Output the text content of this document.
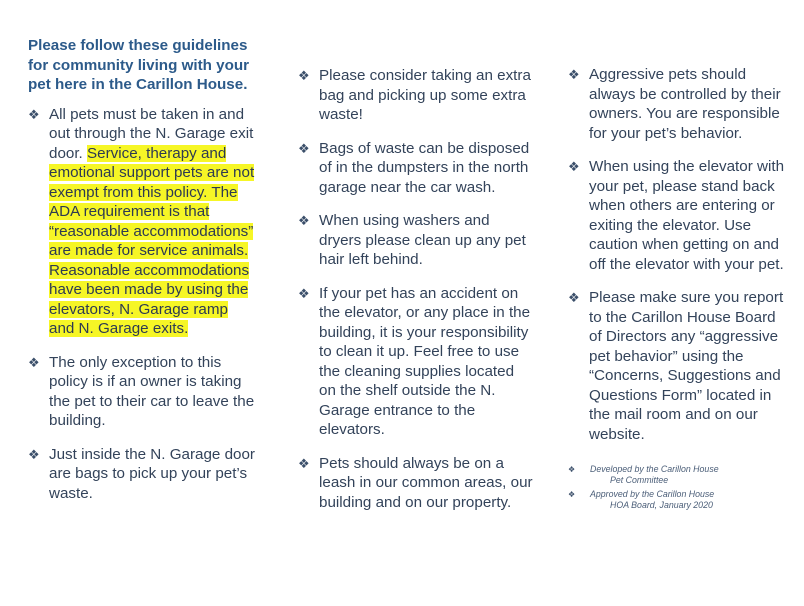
Please follow these guidelines for community living with your pet here in the Carillon House.
❖ All pets must be taken in and out through the N. Garage exit door. Service, therapy and emotional support pets are not exempt from this policy. The ADA requirement is that “reasonable accommodations” are made for service animals. Reasonable accommodations have been made by using the elevators, N. Garage ramp and N. Garage exits.
❖ The only exception to this policy is if an owner is taking the pet to their car to leave the building.
❖ Just inside the N. Garage door are bags to pick up your pet’s waste.
❖ Please consider taking an extra bag and picking up some extra waste!
❖ Bags of waste can be disposed of in the dumpsters in the north garage near the car wash.
❖ When using washers and dryers please clean up any pet hair left behind.
❖ If your pet has an accident on the elevator, or any place in the building, it is your responsibility to clean it up. Feel free to use the cleaning supplies located on the shelf outside the N. Garage entrance to the elevators.
❖ Pets should always be on a leash in our common areas, our building and on our property.
❖ Aggressive pets should always be controlled by their owners. You are responsible for your pet’s behavior.
❖ When using the elevator with your pet, please stand back when others are entering or exiting the elevator. Use caution when getting on and off the elevator with your pet.
❖ Please make sure you report to the Carillon House Board of Directors any “aggressive pet behavior” using the “Concerns, Suggestions and Questions Form” located in the mail room and on our website.
❖ Developed by the Carillon House
Pet Committee
❖ Approved by the Carillon House
HOA Board, January 2020
